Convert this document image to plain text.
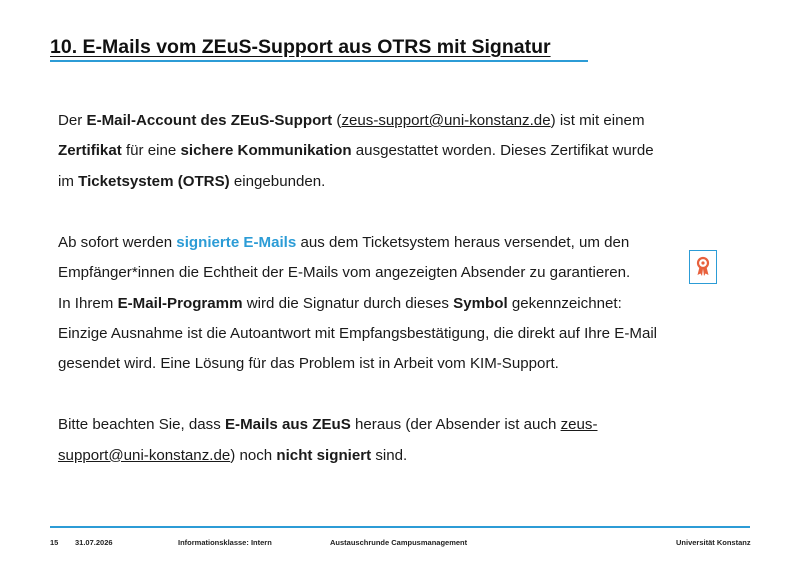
10. E-Mails vom ZEuS-Support aus OTRS mit Signatur

Der E-Mail-Account des ZEuS-Support (zeus-support@uni-konstanz.de) ist mit einem

Zertifikat für eine sichere Kommunikation ausgestattet worden. Dieses Zertifikat wurde

im Ticketsystem (OTRS) eingebunden.

Ab sofort werden signierte E-Mails aus dem Ticketsystem heraus versendet, um den

Empfänger*innen die Echtheit der E-Mails vom angezeigten Absender zu garantieren.

In Ihrem E-Mail-Programm wird die Signatur durch dieses Symbol gekennzeichnet:

Einzige Ausnahme ist die Autoantwort mit Empfangsbestätigung, die direkt auf Ihre E-Mail

gesendet wird. Eine Lösung für das Problem ist in Arbeit vom KIM-Support.

Bitte beachten Sie, dass E-Mails aus ZEuS heraus (der Absender ist auch zeus-

support@uni-konstanz.de) noch nicht signiert sind.

15 31.07.2026	Informationsklasse: Intern	Austauschrunde Campusmanagement	Universität Konstanz
